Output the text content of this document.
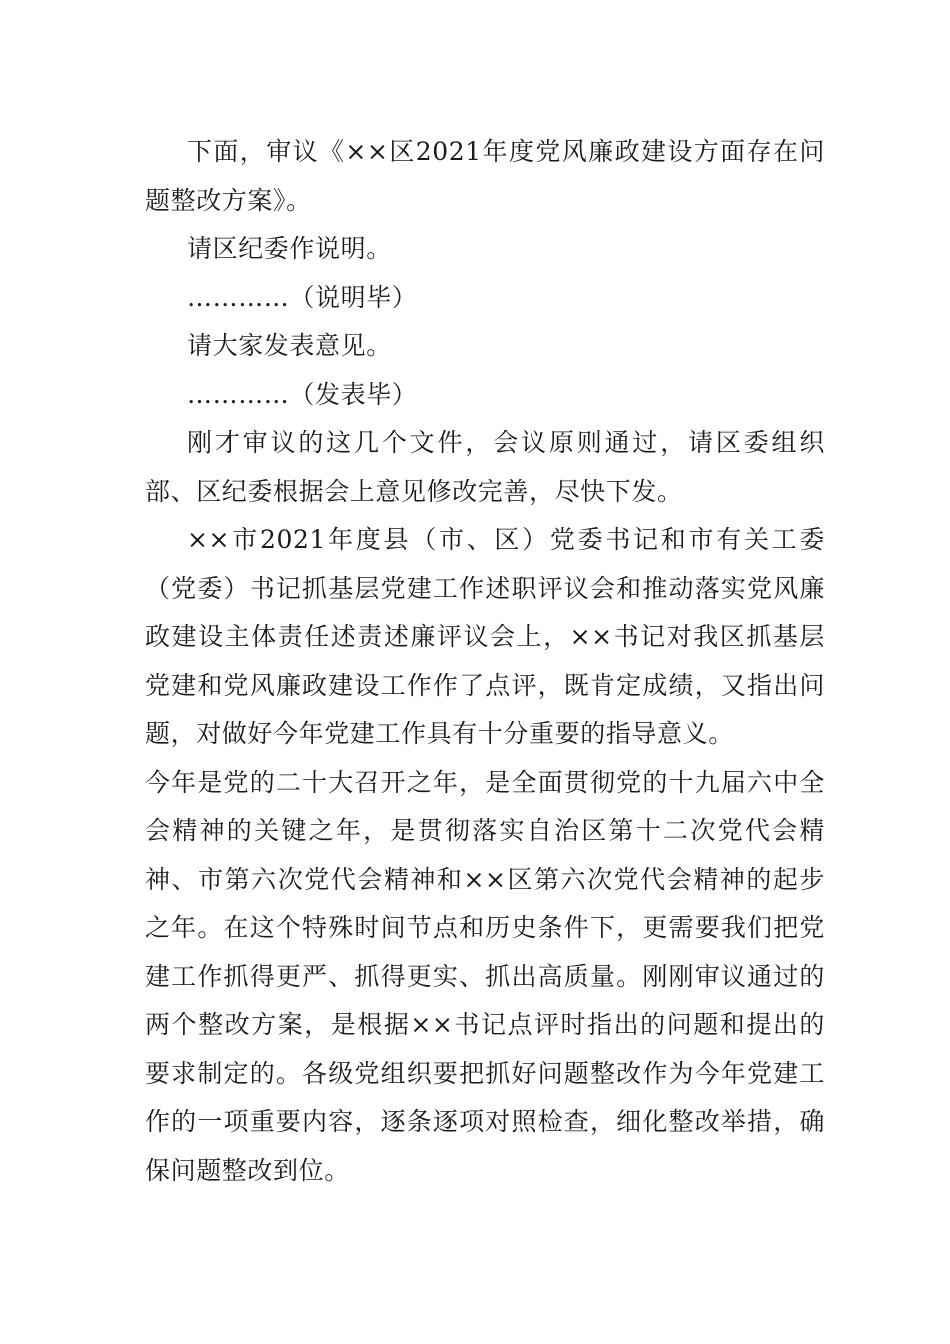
下面，审议《××区2021年度党风廉政建设方面存在问题整改方案》。

请区纪委作说明。

…………（说明毕）

请大家发表意见。

…………（发表毕）

刚才审议的这几个文件，会议原则通过，请区委组织部、区纪委根据会上意见修改完善，尽快下发。

××市2021年度县（市、区）党委书记和市有关工委（党委）书记抓基层党建工作述职评议会和推动落实党风廉政建设主体责任述责述廉评议会上，××书记对我区抓基层党建和党风廉政建设工作作了点评，既肯定成绩，又指出问题，对做好今年党建工作具有十分重要的指导意义。

今年是党的二十大召开之年，是全面贯彻党的十九届六中全会精神的关键之年，是贯彻落实自治区第十二次党代会精神、市第六次党代会精神和××区第六次党代会精神的起步之年。在这个特殊时间节点和历史条件下，更需要我们把党建工作抓得更严、抓得更实、抓出高质量。刚刚审议通过的两个整改方案，是根据××书记点评时指出的问题和提出的要求制定的。各级党组织要把抓好问题整改作为今年党建工作的一项重要内容，逐条逐项对照检查，细化整改举措，确保问题整改到位。
